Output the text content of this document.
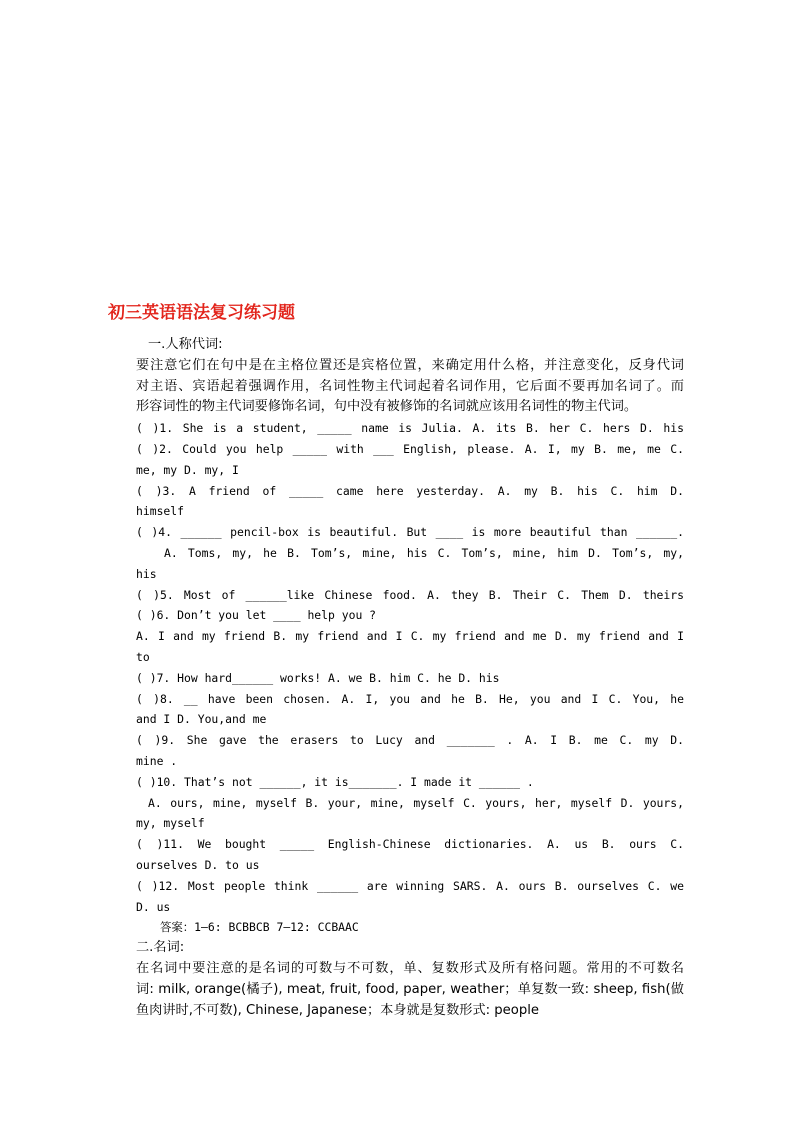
初三英语语法复习练习题
一.人称代词:
要注意它们在句中是在主格位置还是宾格位置，来确定用什么格，并注意变化，反身代词
对主语、宾语起着强调作用，名词性物主代词起着名词作用，它后面不要再加名词了。而
形容词性的物主代词要修饰名词，句中没有被修饰的名词就应该用名词性的物主代词。
( )1. She is a student, _____ name is Julia. A. its B. her C. hers D. his
( )2. Could you help _____ with ___ English, please. A. I, my B. me, me C.
me, my D. my, I
( )3. A friend of _____ came here yesterday. A. my B. his C. him D.
himself
( )4. ______ pencil-box is beautiful. But ____ is more beautiful than ______.
A. Toms, my, he B. Tom’s, mine, his C. Tom’s, mine, him D. Tom’s, my,
his
( )5. Most of ______like Chinese food. A. they B. Their C. Them D. theirs
( )6. Don’t you let ____ help you ?
A. I and my friend B. my friend and I C. my friend and me D. my friend and I
to
( )7. How hard______ works! A. we B. him C. he D. his
( )8. __ have been chosen. A. I, you and he B. He, you and I C. You, he
and I D. You,and me
( )9. She gave the erasers to Lucy and _______ . A. I B. me C. my D.
mine .
( )10. That’s not ______, it is_______. I made it ______ .
A. ours, mine, myself B. your, mine, myself C. yours, her, myself D. yours,
my, myself
( )11. We bought _____ English-Chinese dictionaries. A. us B. ours C.
ourselves D. to us
( )12. Most people think ______ are winning SARS. A. ours B. ourselves C. we
D. us
答案：1—6: BCBBCB 7—12: CCBAAC
二.名词:
在名词中要注意的是名词的可数与不可数，单、复数形式及所有格问题。常用的不可数名
词: milk, orange(橘子), meat, fruit, food, paper, weather；单复数一致: sheep, fish(做
鱼肉讲时,不可数), Chinese, Japanese；本身就是复数形式: people
